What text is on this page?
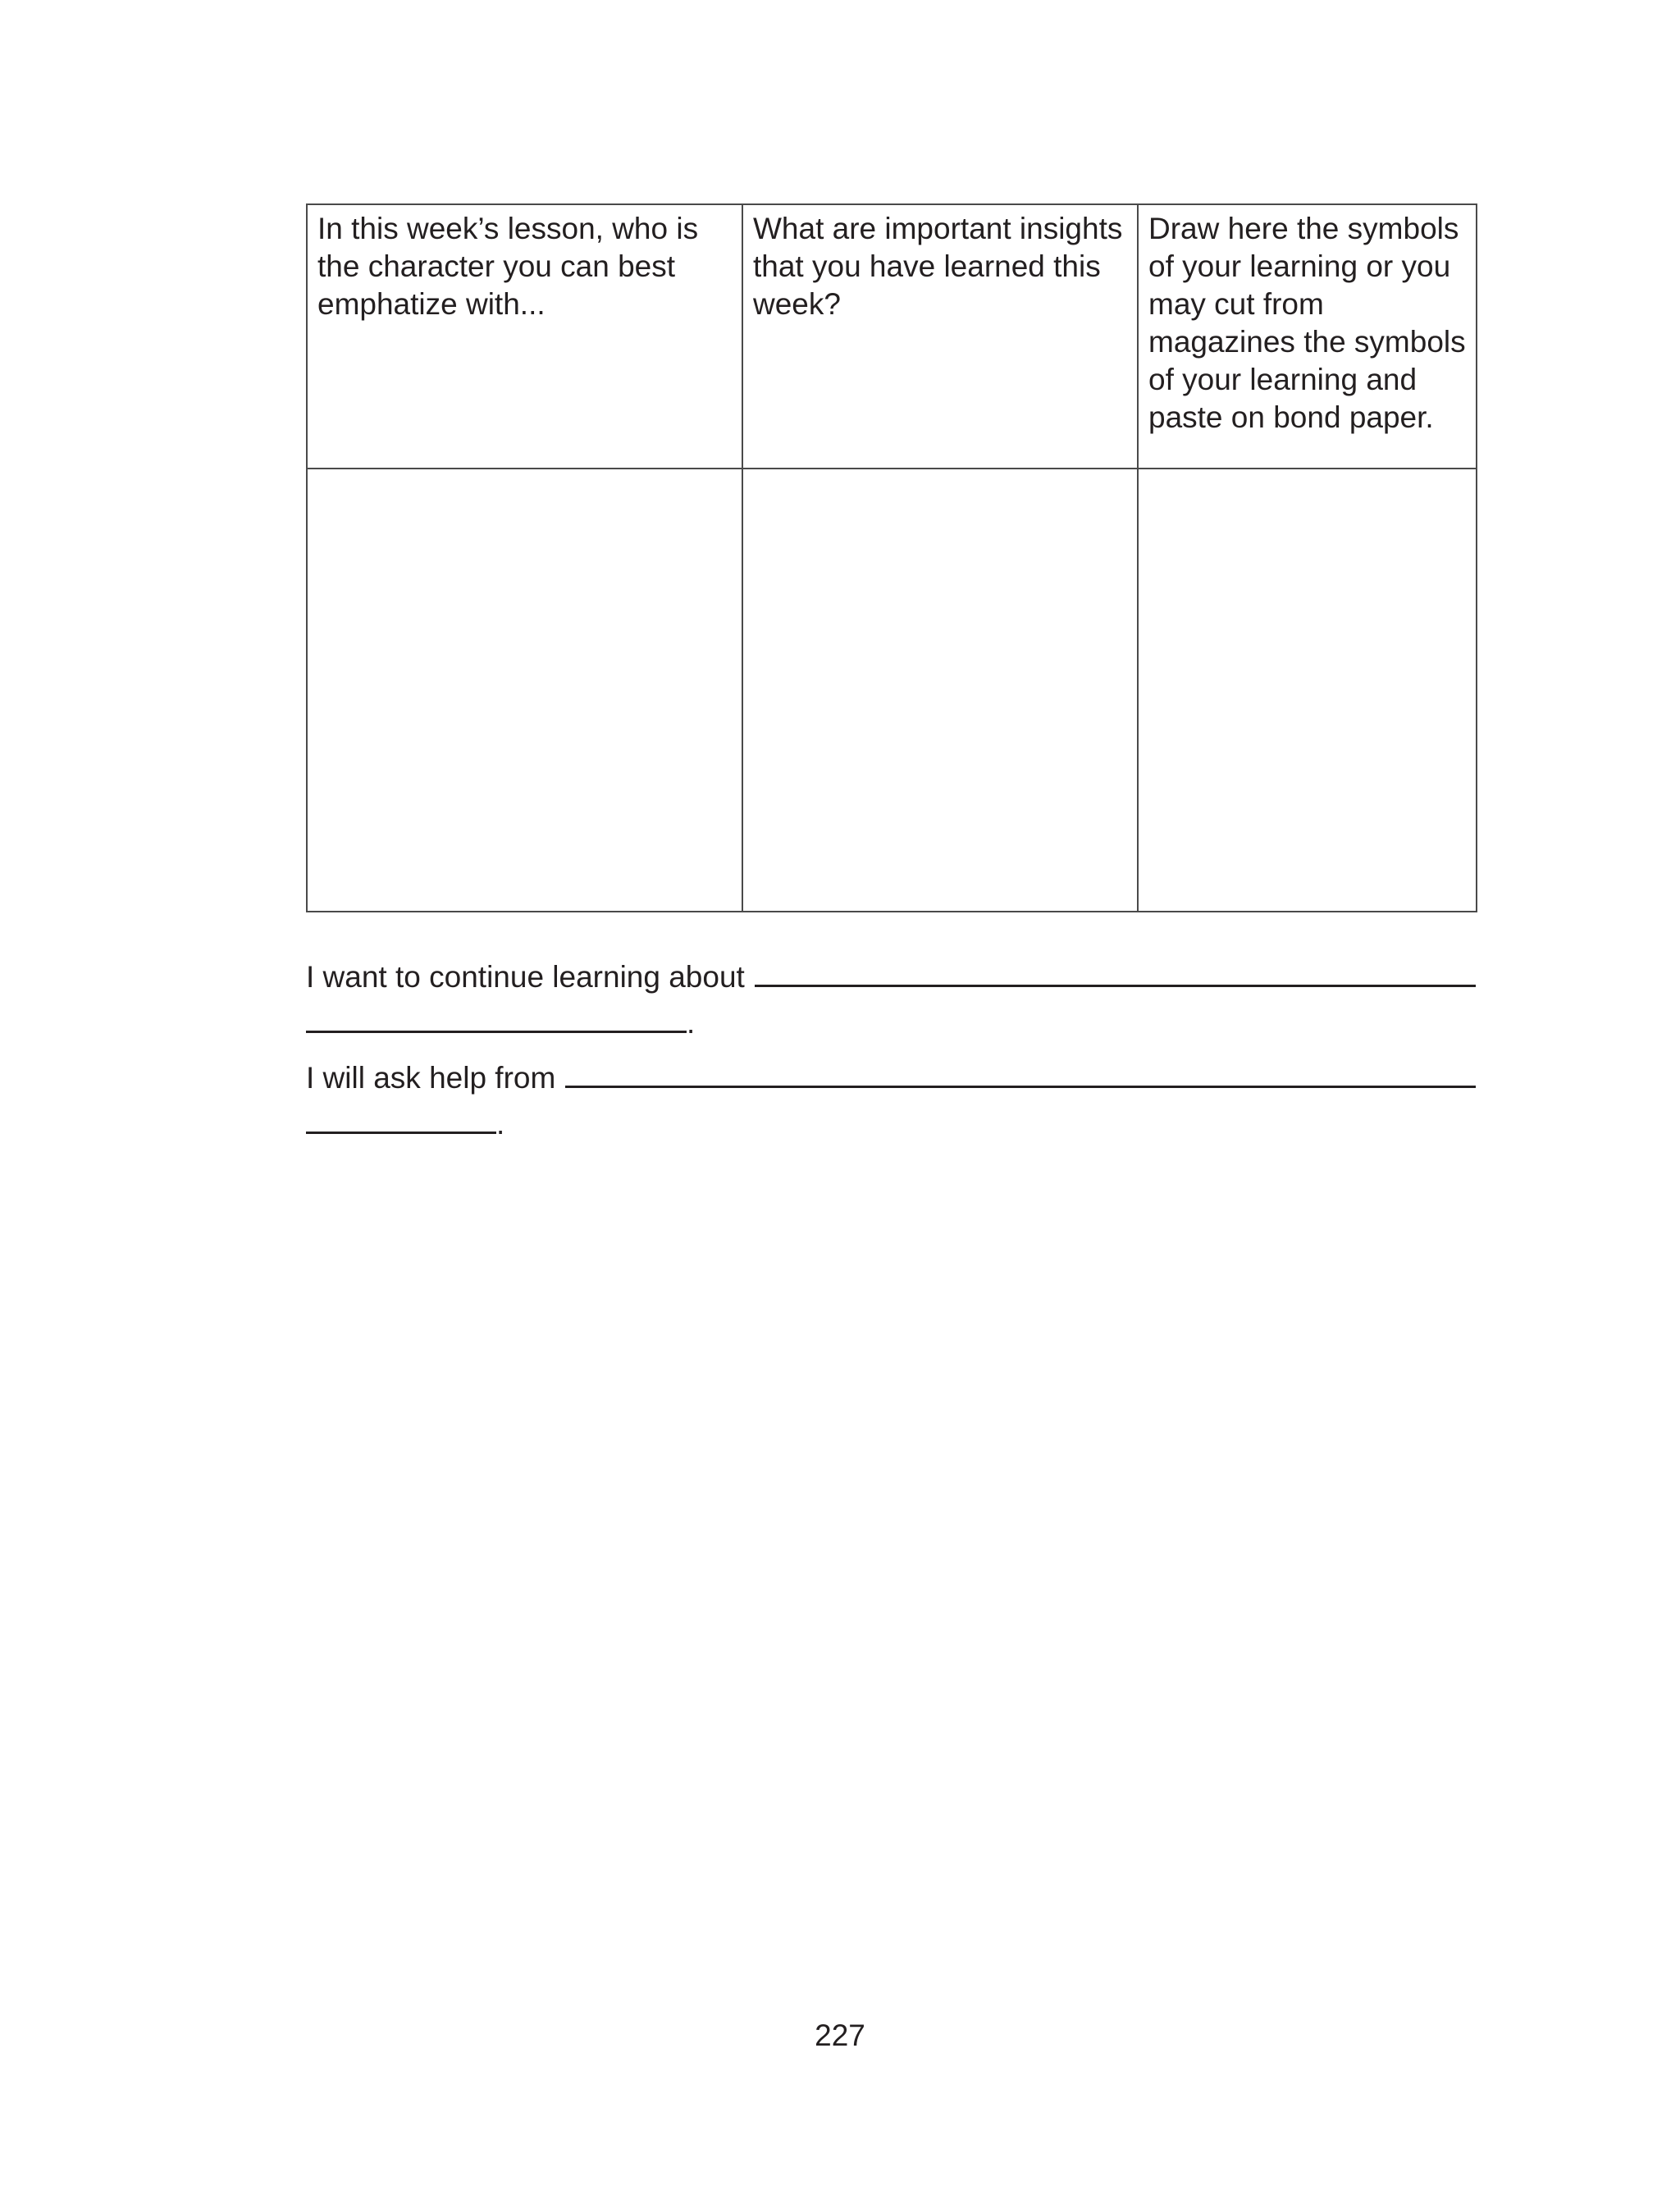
In this week’s lesson, who is the character you can best emphatize with...	What are important insights that you have learned this week?	Draw here the symbols of your learning or you may cut from magazines the symbols of your learning and paste on bond paper.

I want to continue learning about
.
I will ask help from
.
227
